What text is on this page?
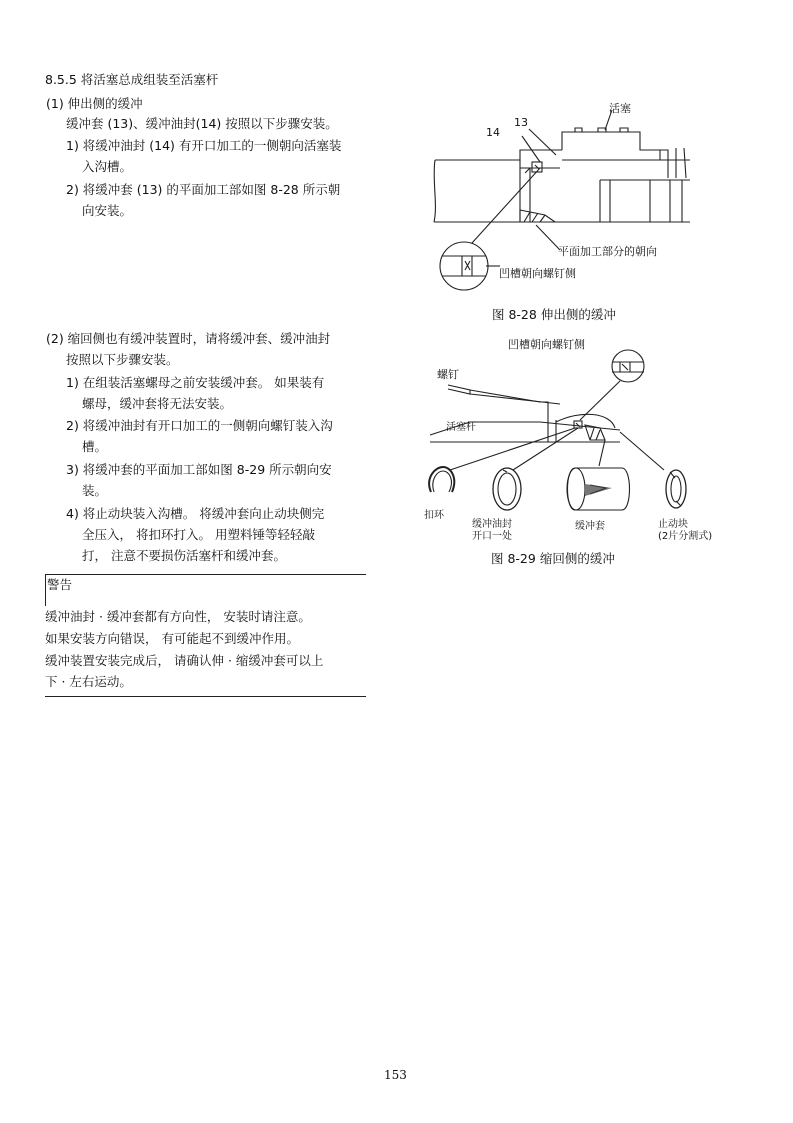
8.5.5 将活塞总成组装至活塞杆
(1) 伸出侧的缓冲
缓冲套 (13)、缓冲油封(14) 按照以下步骤安装。
1) 将缓冲油封 (14) 有开口加工的一侧朝向活塞装
入沟槽。
2) 将缓冲套 (13) 的平面加工部如图 8-28 所示朝
向安装。
(2) 缩回侧也有缓冲装置时，请将缓冲套、缓冲油封
按照以下步骤安装。
1) 在组装活塞螺母之前安装缓冲套。 如果装有
螺母，缓冲套将无法安装。
2) 将缓冲油封有开口加工的一侧朝向螺钉装入沟
槽。
3) 将缓冲套的平面加工部如图 8-29 所示朝向安
装。
4) 将止动块装入沟槽。 将缓冲套向止动块侧完
全压入， 将扣环打入。 用塑料锤等轻轻敲
打， 注意不要损伤活塞杆和缓冲套。
警告
缓冲油封 · 缓冲套都有方向性， 安装时请注意。
如果安装方向错误， 有可能起不到缓冲作用。
缓冲装置安装完成后， 请确认伸 · 缩缓冲套可以上
下 · 左右运动。
活塞
13
14
平面加工部分的朝向
凹槽朝向螺钉侧
图 8-28 伸出侧的缓冲
凹槽朝向螺钉侧
螺钉
活塞杆
扣环
缓冲油封
开口一处
缓冲套	止动块
(2片分割式)
图 8-29 缩回侧的缓冲
153
